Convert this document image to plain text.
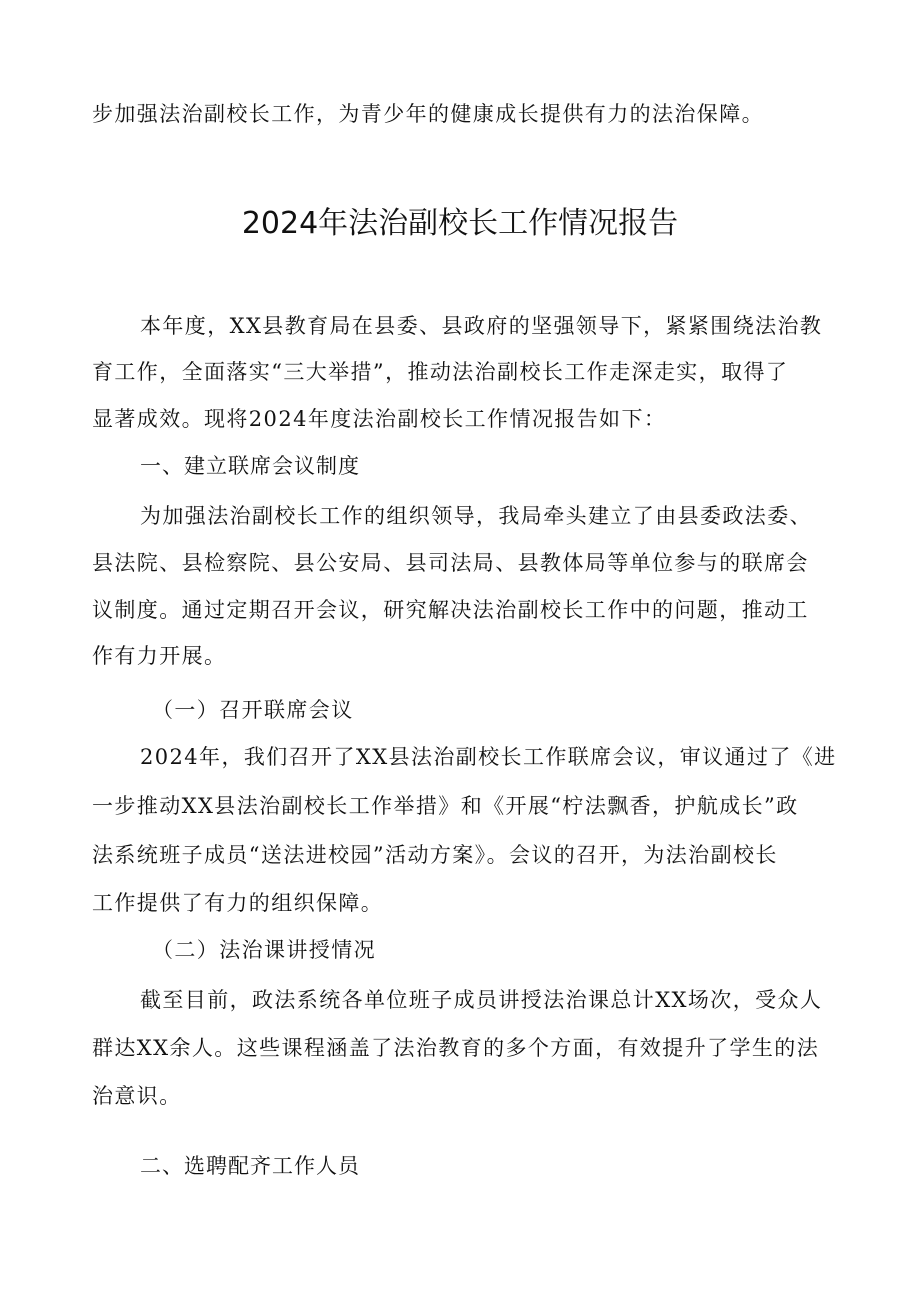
步加强法治副校长工作，为青少年的健康成长提供有力的法治保障。
2024年法治副校长工作情况报告
本年度，XX县教育局在县委、县政府的坚强领导下，紧紧围绕法治教
育工作，全面落实“三大举措”，推动法治副校长工作走深走实，取得了
显著成效。现将2024年度法治副校长工作情况报告如下：
一、建立联席会议制度
为加强法治副校长工作的组织领导，我局牵头建立了由县委政法委、
县法院、县检察院、县公安局、县司法局、县教体局等单位参与的联席会
议制度。通过定期召开会议，研究解决法治副校长工作中的问题，推动工
作有力开展。
（一）召开联席会议
2024年，我们召开了XX县法治副校长工作联席会议，审议通过了《进
一步推动XX县法治副校长工作举措》和《开展“柠法飘香，护航成长”政
法系统班子成员“送法进校园”活动方案》。会议的召开，为法治副校长
工作提供了有力的组织保障。
（二）法治课讲授情况
截至目前，政法系统各单位班子成员讲授法治课总计XX场次，受众人
群达XX余人。这些课程涵盖了法治教育的多个方面，有效提升了学生的法
治意识。
二、选聘配齐工作人员
